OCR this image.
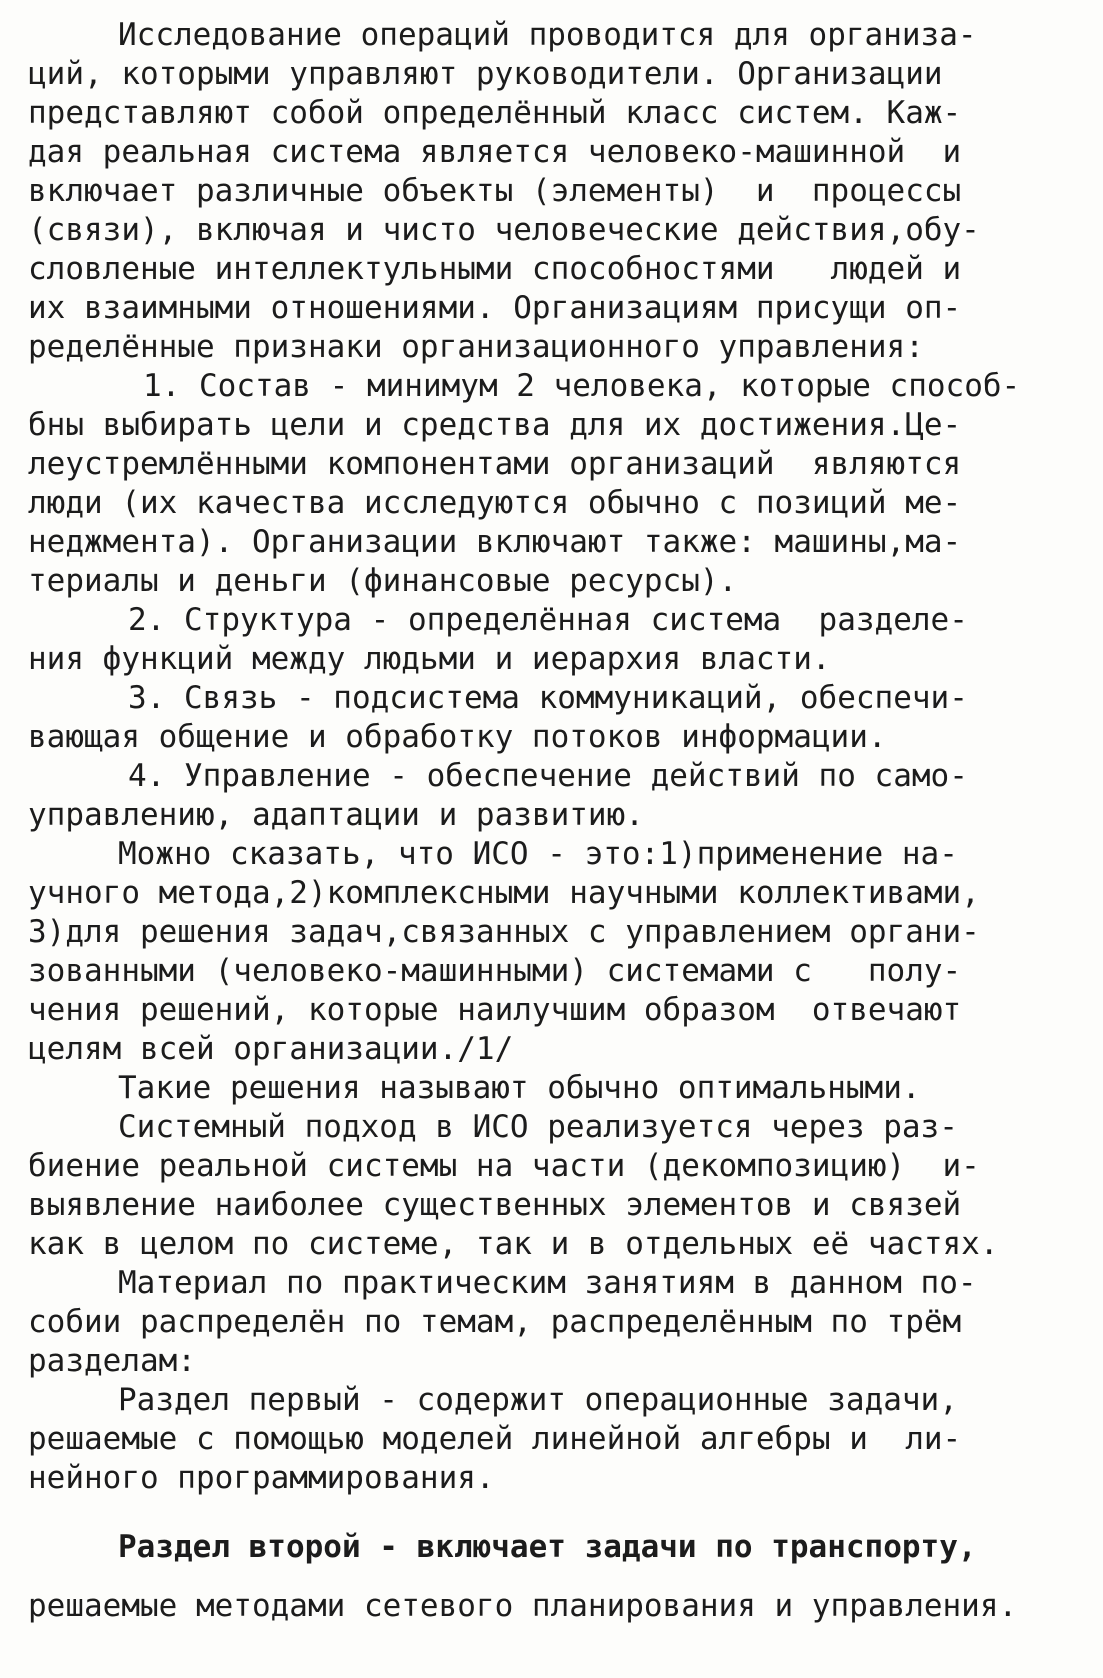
Исследование операций проводится для организа-
ций, которыми управляют руководители. Организации
представляют собой определённый класс систем. Каж-
дая реальная система является человеко-машинной  и
включает различные объекты (элементы)  и  процессы
(связи), включая и чисто человеческие действия,обу-
словленые интеллектульными способностями   людей и
их взаимными отношениями. Организациям присущи оп-
ределённые признаки организационного управления:
1. Состав - минимум 2 человека, которые способ-
бны выбирать цели и сpедства для их достижения.Це-
леустремлёнными компонентами организаций  являются
люди (их качества исследуются обычно с позиций ме-
неджмента). Организации включают также: машины,ма-
териалы и деньги (финансовые ресурсы).
2. Структура - определённая система  разделе-
ния функций между людьми и иерархия власти.
3. Связь - подсистема коммуникаций, обеспечи-
вающая общение и обработку потоков информации.
4. Управление - обеспечение действий по само-
управлению, адаптации и развитию.
Можно сказать, что ИСО - это:1)применение на-
учного метода,2)комплексными научными коллективами,
3)для решения задач,связанных с управлением органи-
зованными (человеко-машинными) системами с   полу-
чения решений, которые наилучшим образом  отвечают
целям всей организации./1/
Такие решения называют обычно оптимальными.
Системный подход в ИСО реализуется через раз-
биение реальной системы на части (декомпозицию)  и-
выявление наиболее существенных элементов и связей
как в целом по системе, так и в отдельных её частях.
Материал по практическим занятиям в данном по-
собии распределён по темам, распределённым по трём
разделам:
Раздел первый - содержит операционные задачи,
решаемые с помощью моделей линейной алгебры и  ли-
нейного программирования.
Раздел второй - включает задачи по транспорту,
решаемые методами сетевого планирования и управления.
